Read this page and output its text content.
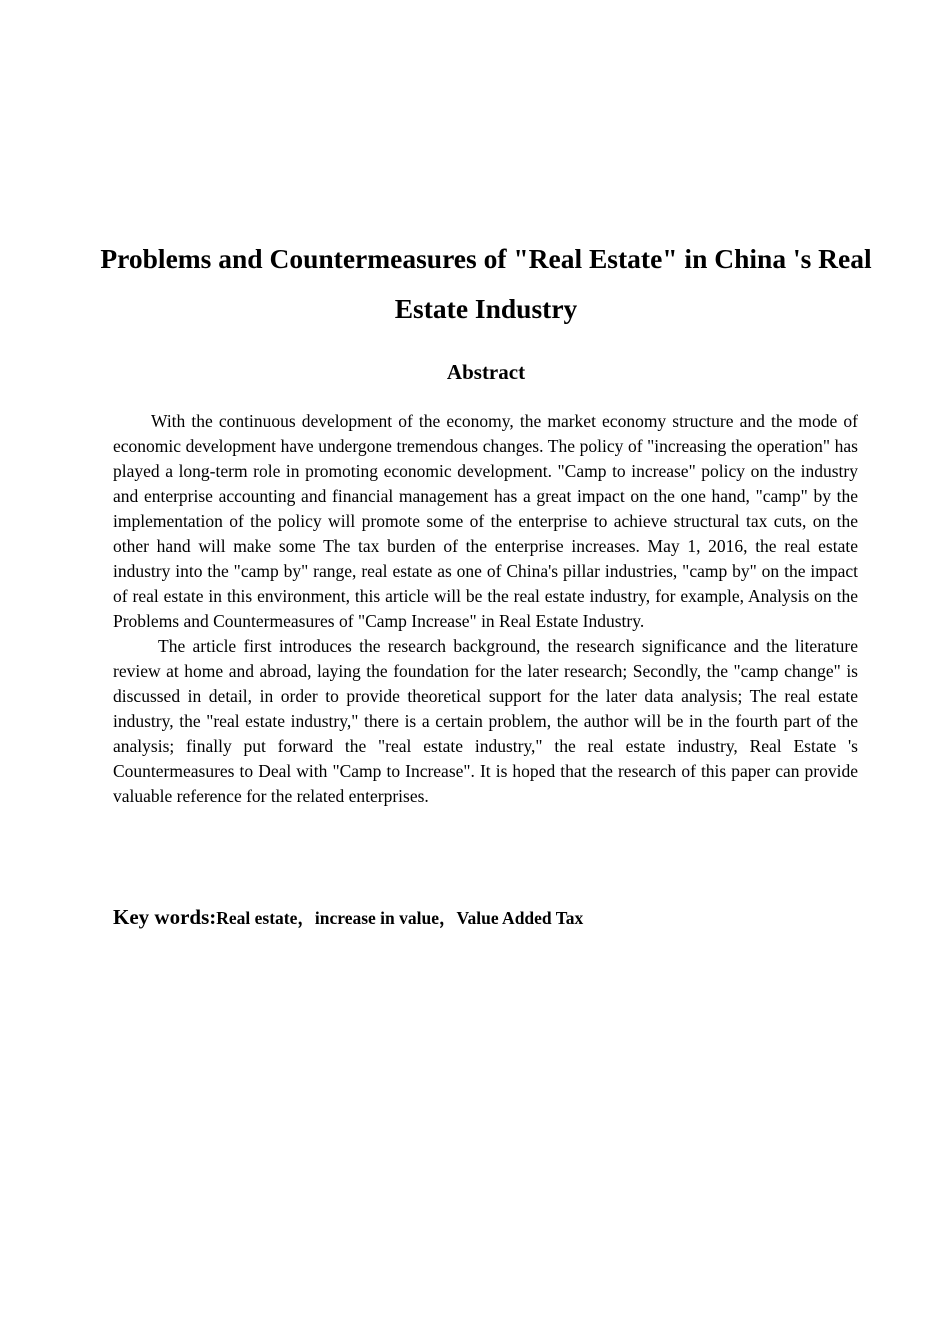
Problems and Countermeasures of "Real Estate" in China 's Real Estate Industry
Abstract

With the continuous development of the economy, the market economy structure and the mode of economic development have undergone tremendous changes. The policy of "increasing the operation" has played a long-term role in promoting economic development. "Camp to increase" policy on the industry and enterprise accounting and financial management has a great impact on the one hand, "camp" by the implementation of the policy will promote some of the enterprise to achieve structural tax cuts, on the other hand will make some The tax burden of the enterprise increases. May 1, 2016, the real estate industry into the "camp by" range, real estate as one of China's pillar industries, "camp by" on the impact of real estate in this environment, this article will be the real estate industry, for example, Analysis on the Problems and Countermeasures of "Camp Increase" in Real Estate Industry.

The article first introduces the research background, the research significance and the literature review at home and abroad, laying the foundation for the later research; Secondly, the "camp change" is discussed in detail, in order to provide theoretical support for the later data analysis; The real estate industry, the "real estate industry," there is a certain problem, the author will be in the fourth part of the analysis; finally put forward the "real estate industry," the real estate industry, Real Estate 's Countermeasures to Deal with "Camp to Increase". It is hoped that the research of this paper can provide valuable reference for the related enterprises.

Key words:Real estate，increase in value，Value Added Tax
